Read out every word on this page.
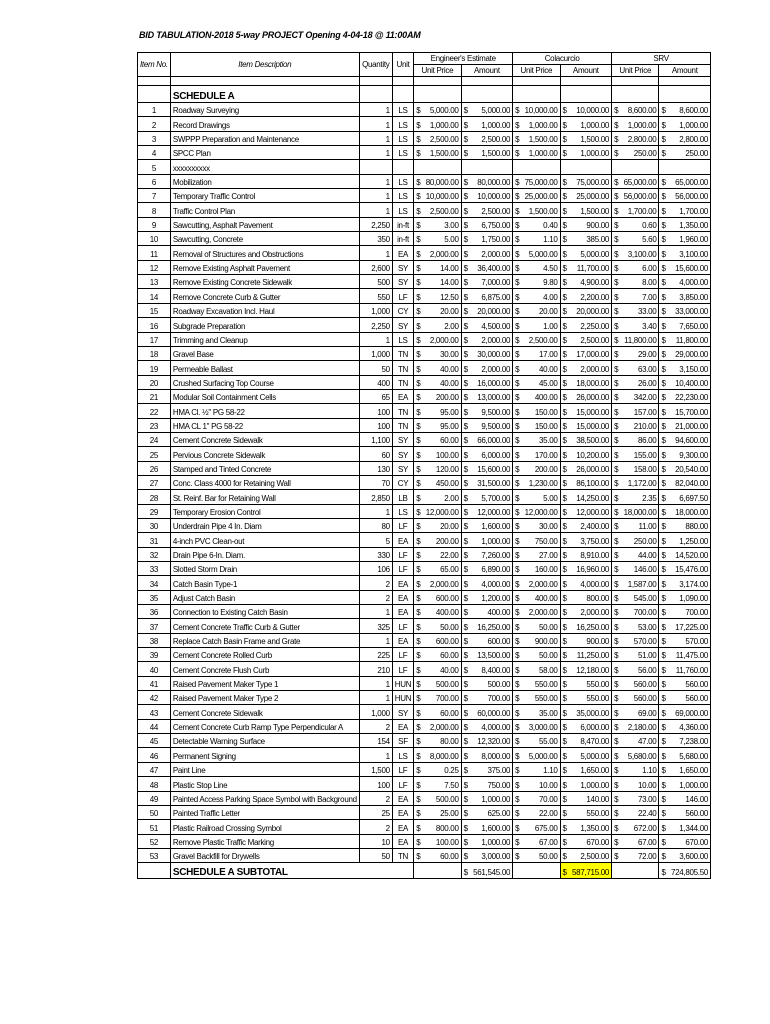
BID TABULATION-2018 5-way PROJECT Opening 4-04-18 @ 11:00AM
Item No.	Item Description	Quantity	Unit	Engineer's Estimate				Colacurcio				SRV			
				Unit Price		Amount		Unit Price		Amount		Unit Price		Amount	

	SCHEDULE A														
1	Roadway Surveying	1	LS	$	5,000.00	$	5,000.00	$	10,000.00	$	10,000.00	$	8,600.00	$	8,600.00
2	Record Drawings	1	LS	$	1,000.00	$	1,000.00	$	1,000.00	$	1,000.00	$	1,000.00	$	1,000.00
3	SWPPP Preparation and Maintenance	1	LS	$	2,500.00	$	2,500.00	$	1,500.00	$	1,500.00	$	2,800.00	$	2,800.00
4	SPCC Plan	1	LS	$	1,500.00	$	1,500.00	$	1,000.00	$	1,000.00	$	250.00	$	250.00
5	xxxxxxxxxx														
6	Mobilization	1	LS	$	80,000.00	$	80,000.00	$	75,000.00	$	75,000.00	$	65,000.00	$	65,000.00
7	Temporary Traffic Control	1	LS	$	10,000.00	$	10,000.00	$	25,000.00	$	25,000.00	$	56,000.00	$	56,000.00
8	Traffic Control Plan	1	LS	$	2,500.00	$	2,500.00	$	1,500.00	$	1,500.00	$	1,700.00	$	1,700.00
9	Sawcutting, Asphalt Pavement	2,250	in-ft	$	3.00	$	6,750.00	$	0.40	$	900.00	$	0.60	$	1,350.00
10	Sawcutting, Concrete	350	in-ft	$	5.00	$	1,750.00	$	1.10	$	385.00	$	5.60	$	1,960.00
11	Removal of Structures and Obstructions	1	EA	$	2,000.00	$	2,000.00	$	5,000.00	$	5,000.00	$	3,100.00	$	3,100.00
12	Remove Existing Asphalt Pavement	2,600	SY	$	14.00	$	36,400.00	$	4.50	$	11,700.00	$	6.00	$	15,600.00
13	Remove Existing Concrete Sidewalk	500	SY	$	14.00	$	7,000.00	$	9.80	$	4,900.00	$	8.00	$	4,000.00
14	Remove Concrete Curb & Gutter	550	LF	$	12.50	$	6,875.00	$	4.00	$	2,200.00	$	7.00	$	3,850.00
15	Roadway Excavation Incl. Haul	1,000	CY	$	20.00	$	20,000.00	$	20.00	$	20,000.00	$	33.00	$	33,000.00
16	Subgrade Preparation	2,250	SY	$	2.00	$	4,500.00	$	1.00	$	2,250.00	$	3.40	$	7,650.00
17	Trimming and Cleanup	1	LS	$	2,000.00	$	2,000.00	$	2,500.00	$	2,500.00	$	11,800.00	$	11,800.00
18	Gravel Base	1,000	TN	$	30.00	$	30,000.00	$	17.00	$	17,000.00	$	29.00	$	29,000.00
19	Permeable Ballast	50	TN	$	40.00	$	2,000.00	$	40.00	$	2,000.00	$	63.00	$	3,150.00
20	Crushed Surfacing Top Course	400	TN	$	40.00	$	16,000.00	$	45.00	$	18,000.00	$	26.00	$	10,400.00
21	Modular Soil Containment Cells	65	EA	$	200.00	$	13,000.00	$	400.00	$	26,000.00	$	342.00	$	22,230.00
22	HMA Cl. ½" PG 58-22	100	TN	$	95.00	$	9,500.00	$	150.00	$	15,000.00	$	157.00	$	15,700.00
23	HMA CL 1" PG 58-22	100	TN	$	95.00	$	9,500.00	$	150.00	$	15,000.00	$	210.00	$	21,000.00
24	Cement Concrete Sidewalk	1,100	SY	$	60.00	$	66,000.00	$	35.00	$	38,500.00	$	86.00	$	94,600.00
25	Pervious Concrete Sidewalk	60	SY	$	100.00	$	6,000.00	$	170.00	$	10,200.00	$	155.00	$	9,300.00
26	Stamped and Tinted Concrete	130	SY	$	120.00	$	15,600.00	$	200.00	$	26,000.00	$	158.00	$	20,540.00
27	Conc. Class 4000 for Retaining Wall	70	CY	$	450.00	$	31,500.00	$	1,230.00	$	86,100.00	$	1,172.00	$	82,040.00
28	St. Reinf. Bar for Retaining Wall	2,850	LB	$	2.00	$	5,700.00	$	5.00	$	14,250.00	$	2.35	$	6,697.50
29	Temporary Erosion Control	1	LS	$	12,000.00	$	12,000.00	$	12,000.00	$	12,000.00	$	18,000.00	$	18,000.00
30	Underdrain Pipe 4 In. Diam	80	LF	$	20.00	$	1,600.00	$	30.00	$	2,400.00	$	11.00	$	880.00
31	4-inch PVC Clean-out	5	EA	$	200.00	$	1,000.00	$	750.00	$	3,750.00	$	250.00	$	1,250.00
32	Drain Pipe 6-In. Diam.	330	LF	$	22.00	$	7,260.00	$	27.00	$	8,910.00	$	44.00	$	14,520.00
33	Slotted Storm Drain	106	LF	$	65.00	$	6,890.00	$	160.00	$	16,960.00	$	146.00	$	15,476.00
34	Catch Basin Type-1	2	EA	$	2,000.00	$	4,000.00	$	2,000.00	$	4,000.00	$	1,587.00	$	3,174.00
35	Adjust Catch Basin	2	EA	$	600.00	$	1,200.00	$	400.00	$	800.00	$	545.00	$	1,090.00
36	Connection to Existing Catch Basin	1	EA	$	400.00	$	400.00	$	2,000.00	$	2,000.00	$	700.00	$	700.00
37	Cement Concrete Traffic Curb & Gutter	325	LF	$	50.00	$	16,250.00	$	50.00	$	16,250.00	$	53.00	$	17,225.00
38	Replace Catch Basin Frame and Grate	1	EA	$	600.00	$	600.00	$	900.00	$	900.00	$	570.00	$	570.00
39	Cement Concrete Rolled Curb	225	LF	$	60.00	$	13,500.00	$	50.00	$	11,250.00	$	51.00	$	11,475.00
40	Cement Concrete Flush Curb	210	LF	$	40.00	$	8,400.00	$	58.00	$	12,180.00	$	56.00	$	11,760.00
41	Raised Pavement Maker Type 1	1	HUN	$	500.00	$	500.00	$	550.00	$	550.00	$	560.00	$	560.00
42	Raised Pavement Maker Type 2	1	HUN	$	700.00	$	700.00	$	550.00	$	550.00	$	560.00	$	560.00
43	Cement Concrete Sidewalk	1,000	SY	$	60.00	$	60,000.00	$	35.00	$	35,000.00	$	69.00	$	69,000.00
44	Cement Concrete Curb Ramp Type Perpendicular A	2	EA	$	2,000.00	$	4,000.00	$	3,000.00	$	6,000.00	$	2,180.00	$	4,360.00
45	Detectable Warning Surface	154	SF	$	80.00	$	12,320.00	$	55.00	$	8,470.00	$	47.00	$	7,238.00
46	Permanent Signing	1	LS	$	8,000.00	$	8,000.00	$	5,000.00	$	5,000.00	$	5,680.00	$	5,680.00
47	Paint Line	1,500	LF	$	0.25	$	375.00	$	1.10	$	1,650.00	$	1.10	$	1,650.00
48	Plastic Stop Line	100	LF	$	7.50	$	750.00	$	10.00	$	1,000.00	$	10.00	$	1,000.00
49	Painted Access Parking Space Symbol with Background	2	EA	$	500.00	$	1,000.00	$	70.00	$	140.00	$	73.00	$	146.00
50	Painted Traffic Letter	25	EA	$	25.00	$	625.00	$	22.00	$	550.00	$	22.40	$	560.00
51	Plastic Railroad Crossing Symbol	2	EA	$	800.00	$	1,600.00	$	675.00	$	1,350.00	$	672.00	$	1,344.00
52	Remove Plastic Traffic Marking	10	EA	$	100.00	$	1,000.00	$	67.00	$	670.00	$	67.00	$	670.00
53	Gravel Backfill for Drywells	50	TN	$	60.00	$	3,000.00	$	50.00	$	2,500.00	$	72.00	$	3,600.00
	SCHEDULE A SUBTOTAL					$	561,545.00			$	587,715.00			$	724,805.50
